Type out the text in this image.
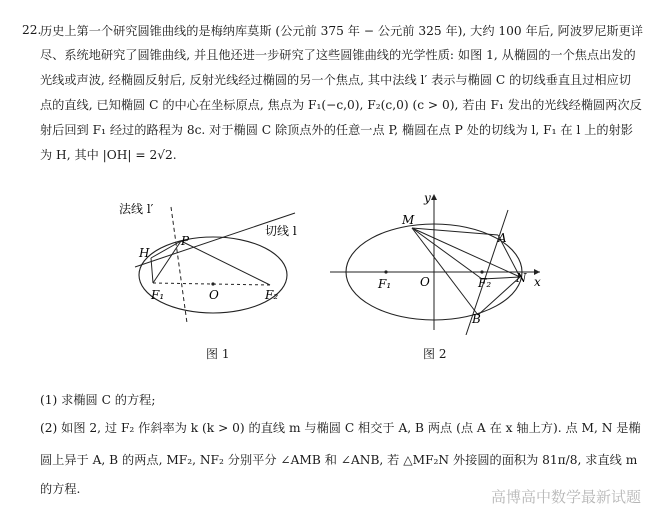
22.
历史上第一个研究圆锥曲线的是梅纳库莫斯 (公元前 375 年 − 公元前 325 年), 大约 100 年后, 阿波罗尼斯更详
尽、系统地研究了圆锥曲线, 并且他还进一步研究了这些圆锥曲线的光学性质: 如图 1, 从椭圆的一个焦点出发的
光线或声波, 经椭圆反射后, 反射光线经过椭圆的另一个焦点, 其中法线 l′ 表示与椭圆 C 的切线垂直且过相应切
点的直线, 已知椭圆 C 的中心在坐标原点, 焦点为 F₁(−c,0), F₂(c,0) (c > 0), 若由 F₁ 发出的光线经椭圆两次反
射后回到 F₁ 经过的路程为 8c. 对于椭圆 C 除顶点外的任意一点 P, 椭圆在点 P 处的切线为 l, F₁ 在 l 上的射影
为 H, 其中 |OH| = 2√2.
法线 l′
切线 l
H
P
F₁	O	F₂
图 1
M
A
O
F₁	F₂ N
B
x
y
图 2
(1) 求椭圆 C 的方程;
(2) 如图 2, 过 F₂ 作斜率为 k (k > 0) 的直线 m 与椭圆 C 相交于 A, B 两点 (点 A 在 x 轴上方). 点 M, N 是椭
圆上异于 A, B 的两点, MF₂, NF₂ 分别平分 ∠AMB 和 ∠ANB, 若 △MF₂N 外接圆的面积为 81π/8, 求直线 m
的方程.	高博高中数学最新试题
